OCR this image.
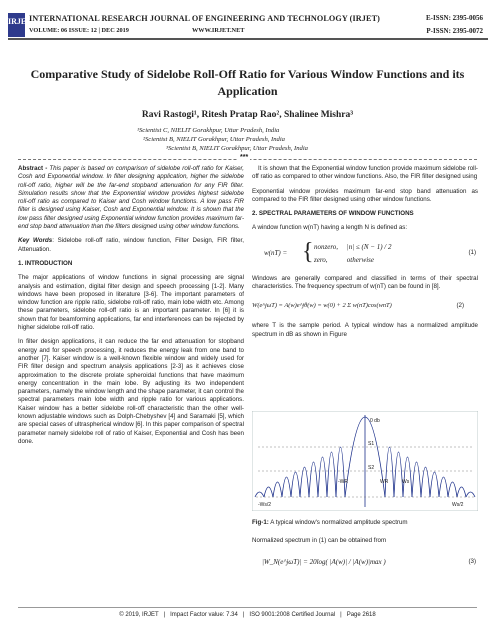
IRJET
INTERNATIONAL RESEARCH JOURNAL OF ENGINEERING AND TECHNOLOGY (IRJET)
VOLUME: 06 ISSUE: 12 | DEC 2019	WWW.IRJET.NET
E-ISSN: 2395-0056
P-ISSN: 2395-0072
Comparative Study of Sidelobe Roll-Off Ratio for Various Window Functions and its Application
Ravi Rastogi¹, Ritesh Pratap Rao², Shalinee Mishra³
¹Scientist C, NIELIT Gorakhpur, Uttar Pradesh, India
²Scientist B, NIELIT Gorakhpur, Uttar Pradesh, India
³Scientist B, NIELIT Gorakhpur, Uttar Pradesh, India
***

Abstract - This paper is based on comparison of sidelobe roll-off ratio for Kaiser, Cosh and Exponential window. In filter designing application, higher the sidelobe roll-off ratio, higher will be the far-end stopband attenuation for any FIR filter. Simulation results show that the Exponential window provides highest sidelobe roll-off ratio as compared to Kaiser and Cosh window functions. A low pass FIR filter is designed using Kaiser, Cosh and Exponential window. It is shown that the low pass filter designed using Exponential window function provides maximum far-end stop band attenuation than the filters designed using other window functions.

Key Words: Sidelobe roll-off ratio, window function, Filter Design, FIR filter, Attenuation.

1. INTRODUCTION

The major applications of window functions in signal processing are signal analysis and estimation, digital filter design and speech processing [1-2]. Many windows have been proposed in literature [3-6]. The important parameters of window function are ripple ratio, sidelobe roll-off ratio, main lobe width etc. Among these parameters, sidelobe roll-off ratio is an important parameter. In [6] it is shown that for beamforming applications, far end interferences can be rejected by higher sidelobe roll-off ratio.

In filter design applications, it can reduce the far end attenuation for stopband energy and for speech processing, it reduces the energy leak from one band to another [7]. Kaiser window is a well-known flexible window and widely used for FIR filter design and spectrum analysis applications [2-3] as it achieves close approximation to the discrete prolate spheroidal functions that have maximum energy concentration in the main lobe. By adjusting its two independent parameters, namely the window length and the shape parameter, it can control the spectral parameters main lobe width and ripple ratio for various applications. Kaiser window has a better sidelobe roll-off characteristic than the other well-known adjustable windows such as Dolph-Chebyshev [4] and Saramaki [5], which are special cases of ultraspherical window [6]. In this paper comparison of spectral parameter namely sidelobe roll of ratio of Kaiser, Exponential and Cosh has been done.

It is shown that the Exponential window function provide maximum sidelobe roll-off ratio as compared to other window functions. Also, the FIR filter designed using

Exponential window provides maximum far-end stop band attenuation as compared to the FIR filter designed using other window functions.

2. SPECTRAL PARAMETERS OF WINDOW FUNCTIONS

A window function w(nT) having a length N is defined as:

w(nT) = { nonzero,     |n| ≤ (N − 1) / 2
zero,           otherwise
(1)

Windows are generally compared and classified in terms of their spectral characteristics. The frequency spectrum of w(nT) can be found in [8].

W(e^jωT) = A(w)e^jθ(w) = w(0) + 2 Σ w(nT)cos(wnT)	(2)

where T is the sample period. A typical window has a normalized amplitude spectrum in dB as shown in Figure

0 db
S1
S2
-WR	WR	Ws
-Ws/2	Ws/2
Fig-1: A typical window's normalized amplitude spectrum
Normalized spectrum in (1) can be obtained from
|W_N(e^jωT)| = 20log( |A(w)| / |A(w)|max )	(3)
© 2019, IRJET   |   Impact Factor value: 7.34   |   ISO 9001:2008 Certified Journal   |   Page 2618
